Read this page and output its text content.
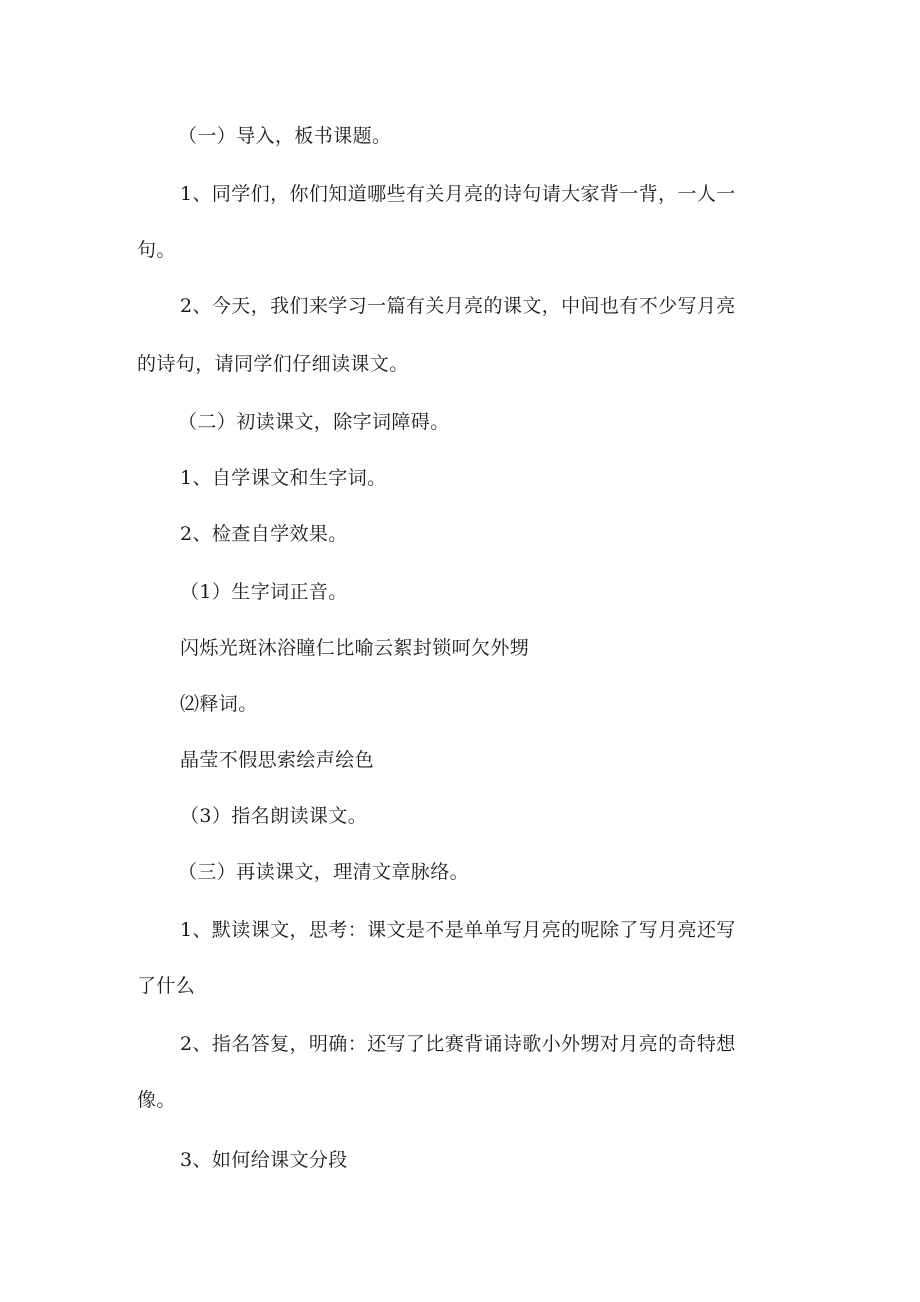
（一）导入，板书课题。
1、同学们，你们知道哪些有关月亮的诗句请大家背一背，一人一
句。
2、今天，我们来学习一篇有关月亮的课文，中间也有不少写月亮
的诗句，请同学们仔细读课文。
（二）初读课文，除字词障碍。
1、自学课文和生字词。
2、检查自学效果。
（1）生字词正音。
闪烁光斑沐浴瞳仁比喻云絮封锁呵欠外甥
⑵释词。
晶莹不假思索绘声绘色
（3）指名朗读课文。
（三）再读课文，理清文章脉络。
1、默读课文，思考：课文是不是单单写月亮的呢除了写月亮还写
了什么
2、指名答复，明确：还写了比赛背诵诗歌小外甥对月亮的奇特想
像。
3、如何给课文分段
